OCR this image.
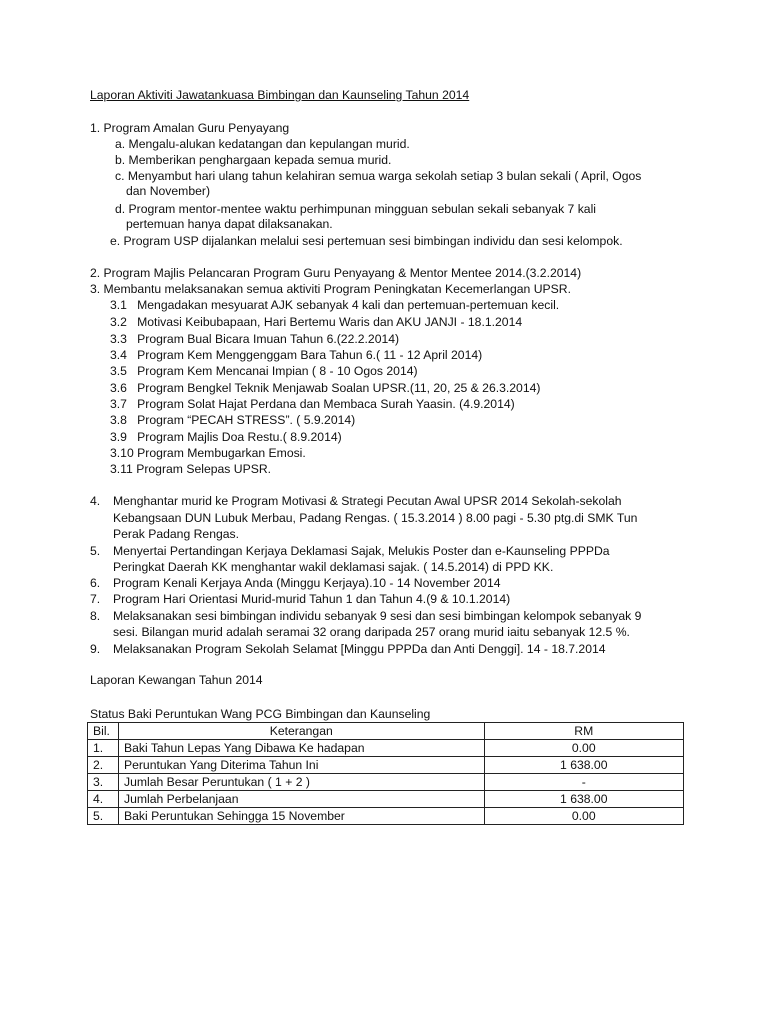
Laporan Aktiviti Jawatankuasa Bimbingan dan Kaunseling Tahun 2014
1. Program Amalan Guru Penyayang
a. Mengalu-alukan kedatangan dan kepulangan murid.
b. Memberikan penghargaan kepada semua murid.
c. Menyambut hari ulang tahun kelahiran semua warga sekolah setiap 3 bulan sekali ( April, Ogos
dan November)
d. Program mentor-mentee waktu perhimpunan mingguan sebulan sekali sebanyak 7 kali
pertemuan hanya dapat dilaksanakan.
e. Program USP dijalankan melalui sesi pertemuan sesi bimbingan individu dan sesi kelompok.
2. Program Majlis Pelancaran Program Guru Penyayang & Mentor Mentee 2014.(3.2.2014)
3. Membantu melaksanakan semua aktiviti Program Peningkatan Kecemerlangan UPSR.
3.1 Mengadakan mesyuarat AJK sebanyak 4 kali dan pertemuan-pertemuan kecil.
3.2 Motivasi Keibubapaan, Hari Bertemu Waris dan AKU JANJI - 18.1.2014
3.3 Program Bual Bicara Imuan Tahun 6.(22.2.2014)
3.4 Program Kem Menggenggam Bara Tahun 6.( 11 - 12 April 2014)
3.5 Program Kem Mencanai Impian ( 8 - 10 Ogos 2014)
3.6 Program Bengkel Teknik Menjawab Soalan UPSR.(11, 20, 25 & 26.3.2014)
3.7 Program Solat Hajat Perdana dan Membaca Surah Yaasin. (4.9.2014)
3.8 Program “PECAH STRESS”. ( 5.9.2014)
3.9 Program Majlis Doa Restu.( 8.9.2014)
3.10 Program Membugarkan Emosi.
3.11 Program Selepas UPSR.
4. Menghantar murid ke Program Motivasi & Strategi Pecutan Awal UPSR 2014 Sekolah-sekolah
Kebangsaan DUN Lubuk Merbau, Padang Rengas. ( 15.3.2014 ) 8.00 pagi - 5.30 ptg.di SMK Tun
Perak Padang Rengas.
5. Menyertai Pertandingan Kerjaya Deklamasi Sajak, Melukis Poster dan e-Kaunseling PPPDa
Peringkat Daerah KK menghantar wakil deklamasi sajak. ( 14.5.2014) di PPD KK.
6. Program Kenali Kerjaya Anda (Minggu Kerjaya).10 - 14 November 2014
7. Program Hari Orientasi Murid-murid Tahun 1 dan Tahun 4.(9 & 10.1.2014)
8. Melaksanakan sesi bimbingan individu sebanyak 9 sesi dan sesi bimbingan kelompok sebanyak 9
sesi. Bilangan murid adalah seramai 32 orang daripada 257 orang murid iaitu sebanyak 12.5 %.
9. Melaksanakan Program Sekolah Selamat [Minggu PPPDa dan Anti Denggi]. 14 - 18.7.2014
Laporan Kewangan Tahun 2014
Status Baki Peruntukan Wang PCG Bimbingan dan Kaunseling
Bil.	Keterangan	RM
1.	Baki Tahun Lepas Yang Dibawa Ke hadapan	0.00
2.	Peruntukan Yang Diterima Tahun Ini	1 638.00
3.	Jumlah Besar Peruntukan ( 1 + 2 )	-
4.	Jumlah Perbelanjaan	1 638.00
5.	Baki Peruntukan Sehingga 15 November	0.00
